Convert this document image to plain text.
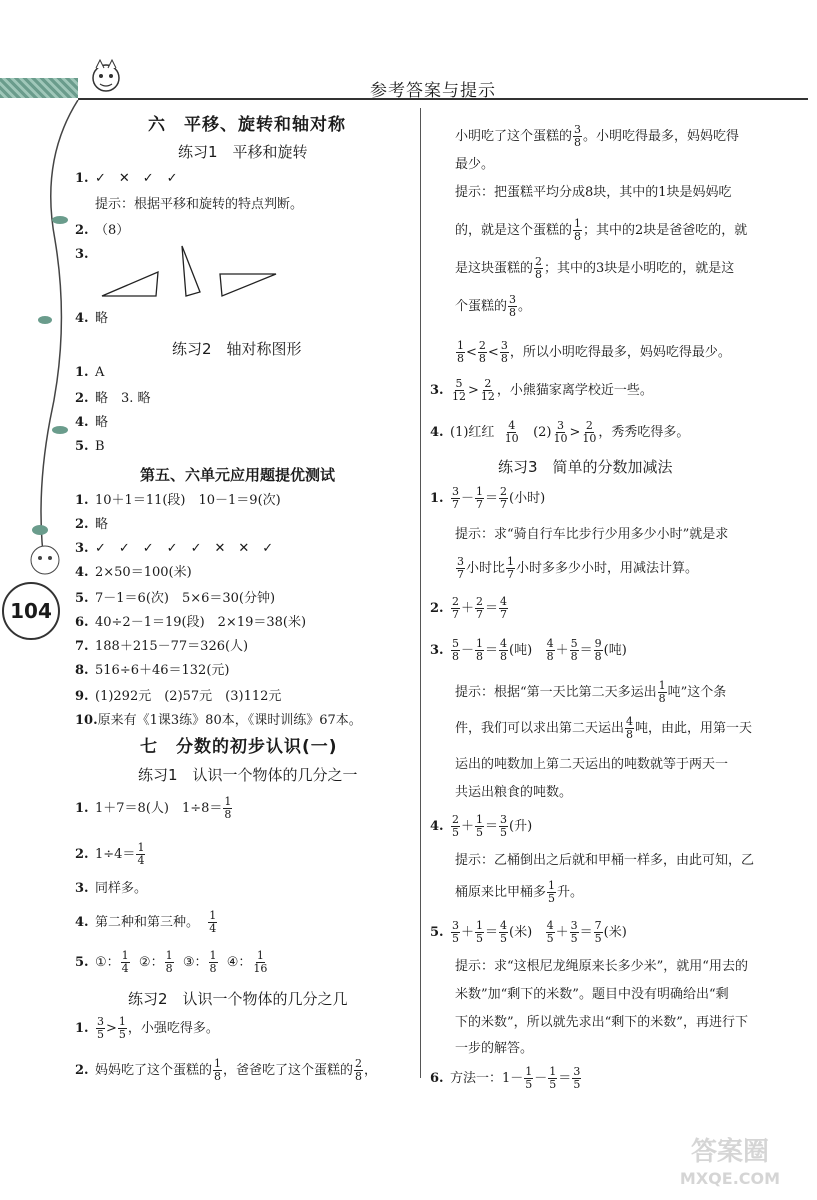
参考答案与提示
104
六　平移、旋转和轴对称
练习1　平移和旋转
1. ✓　✕　✓　✓
提示：根据平移和旋转的特点判断。
2. （8）
3.
4. 略
练习2　轴对称图形
1. A
2. 略　3. 略
4. 略
5. B
第五、六单元应用题提优测试
1. 10＋1＝11(段)　10－1＝9(次)
2. 略
3. ✓　✓　✓　✓　✓　✕　✕　✓
4. 2×50＝100(米)
5. 7－1＝6(次)　5×6＝30(分钟)
6. 40÷2－1＝19(段)　2×19＝38(米)
7. 188＋215－77＝326(人)
8. 516÷6＋46＝132(元)
9. (1)292元　(2)57元　(3)112元
10.原来有《1课3练》80本，《课时训练》67本。
七　分数的初步认识(一)
练习1　认识一个物体的几分之一
1. 1＋7＝8(人)　$1\div 8= \frac{1}{8}$
2. $1\div 4= \frac{1}{4}$
3. 同样多。
4. 第二种和第三种。 $\frac{1}{4}$
5. ①： $\frac{1}{4}$ ②： $\frac{1}{8}$ ③： $\frac{1}{8}$ ④： $\frac{1}{16}$
练习2　认识一个物体的几分之几
1. $\frac{3}{5} > \frac{1}{5}$ ，小强吃得多。
2. 妈妈吃了这个蛋糕的 $\frac{1}{8}$ ，爸爸吃了这个蛋糕的 $\frac{2}{8}$ ，
小明吃了这个蛋糕的 $\frac{3}{8}$ 。小明吃得最多，妈妈吃得
最少。
提示：把蛋糕平均分成8块，其中的1块是妈妈吃
的，就是这个蛋糕的 $\frac{1}{8}$ ；其中的2块是爸爸吃的，就
是这块蛋糕的 $\frac{2}{8}$ ；其中的3块是小明吃的，就是这
个蛋糕的 $\frac{3}{8}$ 。
$\frac{1}{8} < \frac{2}{8} < \frac{3}{8}$ ，所以小明吃得最多，妈妈吃得最少。
3. $\frac{5}{12} > \frac{2}{12}$ ，小熊猫家离学校近一些。
4. (1)红红 $\frac{4}{10} (2) \frac{3}{10} > \frac{2}{10}$ ，秀秀吃得多。
练习3　简单的分数加减法
1. $\frac{3}{7} - \frac{1}{7} = \frac{2}{7}$ (小时)
提示：求“骑自行车比步行少用多少小时”就是求
$\frac{3}{7}$ 小时比 $\frac{1}{7}$ 小时多多少小时，用减法计算。
2. $\frac{2}{7} + \frac{2}{7} = \frac{4}{7}$
3. $\frac{5}{8} - \frac{1}{8} = \frac{4}{8}$ (吨) $\frac{4}{8} + \frac{5}{8} = \frac{9}{8}$ (吨)
提示：根据“第一天比第二天多运出 $\frac{1}{8}$ 吨”这个条
件，我们可以求出第二天运出 $\frac{4}{8}$ 吨，由此，用第一天
运出的吨数加上第二天运出的吨数就等于两天一
共运出粮食的吨数。
4. $\frac{2}{5} + \frac{1}{5} = \frac{3}{5}$ (升)
提示：乙桶倒出之后就和甲桶一样多，由此可知，乙
桶原来比甲桶多 $\frac{1}{5}$ 升。
5. $\frac{3}{5} + \frac{1}{5} = \frac{4}{5}$ (米) $\frac{4}{5} + \frac{3}{5} = \frac{7}{5}$ (米)
提示：求“这根尼龙绳原来长多少米”，就用“用去的
米数”加“剩下的米数”。题目中没有明确给出“剩
下的米数”，所以就先求出“剩下的米数”，再进行下
一步的解答。
6. 方法一：$1- \frac{1}{5} - \frac{1}{5} = \frac{3}{5}$
答案圈
MXQE.COM
